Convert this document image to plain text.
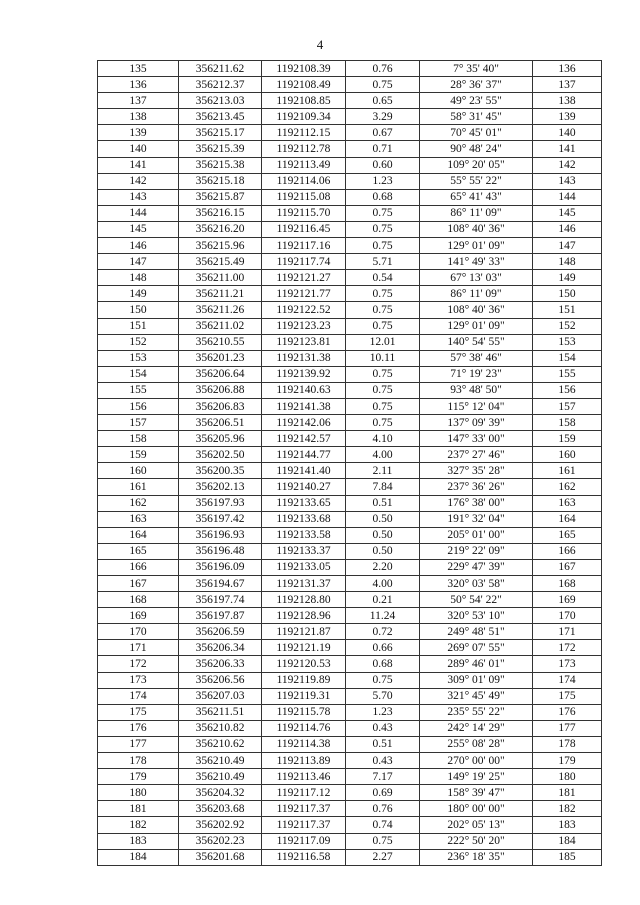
4
135	356211.62	1192108.39	0.76	7° 35' 40"	136
136	356212.37	1192108.49	0.75	28° 36' 37"	137
137	356213.03	1192108.85	0.65	49° 23' 55"	138
138	356213.45	1192109.34	3.29	58° 31' 45"	139
139	356215.17	1192112.15	0.67	70° 45' 01"	140
140	356215.39	1192112.78	0.71	90° 48' 24"	141
141	356215.38	1192113.49	0.60	109° 20' 05"	142
142	356215.18	1192114.06	1.23	55° 55' 22"	143
143	356215.87	1192115.08	0.68	65° 41' 43"	144
144	356216.15	1192115.70	0.75	86° 11' 09"	145
145	356216.20	1192116.45	0.75	108° 40' 36"	146
146	356215.96	1192117.16	0.75	129° 01' 09"	147
147	356215.49	1192117.74	5.71	141° 49' 33"	148
148	356211.00	1192121.27	0.54	67° 13' 03"	149
149	356211.21	1192121.77	0.75	86° 11' 09"	150
150	356211.26	1192122.52	0.75	108° 40' 36"	151
151	356211.02	1192123.23	0.75	129° 01' 09"	152
152	356210.55	1192123.81	12.01	140° 54' 55"	153
153	356201.23	1192131.38	10.11	57° 38' 46"	154
154	356206.64	1192139.92	0.75	71° 19' 23"	155
155	356206.88	1192140.63	0.75	93° 48' 50"	156
156	356206.83	1192141.38	0.75	115° 12' 04"	157
157	356206.51	1192142.06	0.75	137° 09' 39"	158
158	356205.96	1192142.57	4.10	147° 33' 00"	159
159	356202.50	1192144.77	4.00	237° 27' 46"	160
160	356200.35	1192141.40	2.11	327° 35' 28"	161
161	356202.13	1192140.27	7.84	237° 36' 26"	162
162	356197.93	1192133.65	0.51	176° 38' 00"	163
163	356197.42	1192133.68	0.50	191° 32' 04"	164
164	356196.93	1192133.58	0.50	205° 01' 00"	165
165	356196.48	1192133.37	0.50	219° 22' 09"	166
166	356196.09	1192133.05	2.20	229° 47' 39"	167
167	356194.67	1192131.37	4.00	320° 03' 58"	168
168	356197.74	1192128.80	0.21	50° 54' 22"	169
169	356197.87	1192128.96	11.24	320° 53' 10"	170
170	356206.59	1192121.87	0.72	249° 48' 51"	171
171	356206.34	1192121.19	0.66	269° 07' 55"	172
172	356206.33	1192120.53	0.68	289° 46' 01"	173
173	356206.56	1192119.89	0.75	309° 01' 09"	174
174	356207.03	1192119.31	5.70	321° 45' 49"	175
175	356211.51	1192115.78	1.23	235° 55' 22"	176
176	356210.82	1192114.76	0.43	242° 14' 29"	177
177	356210.62	1192114.38	0.51	255° 08' 28"	178
178	356210.49	1192113.89	0.43	270° 00' 00"	179
179	356210.49	1192113.46	7.17	149° 19' 25"	180
180	356204.32	1192117.12	0.69	158° 39' 47"	181
181	356203.68	1192117.37	0.76	180° 00' 00"	182
182	356202.92	1192117.37	0.74	202° 05' 13"	183
183	356202.23	1192117.09	0.75	222° 50' 20"	184
184	356201.68	1192116.58	2.27	236° 18' 35"	185
